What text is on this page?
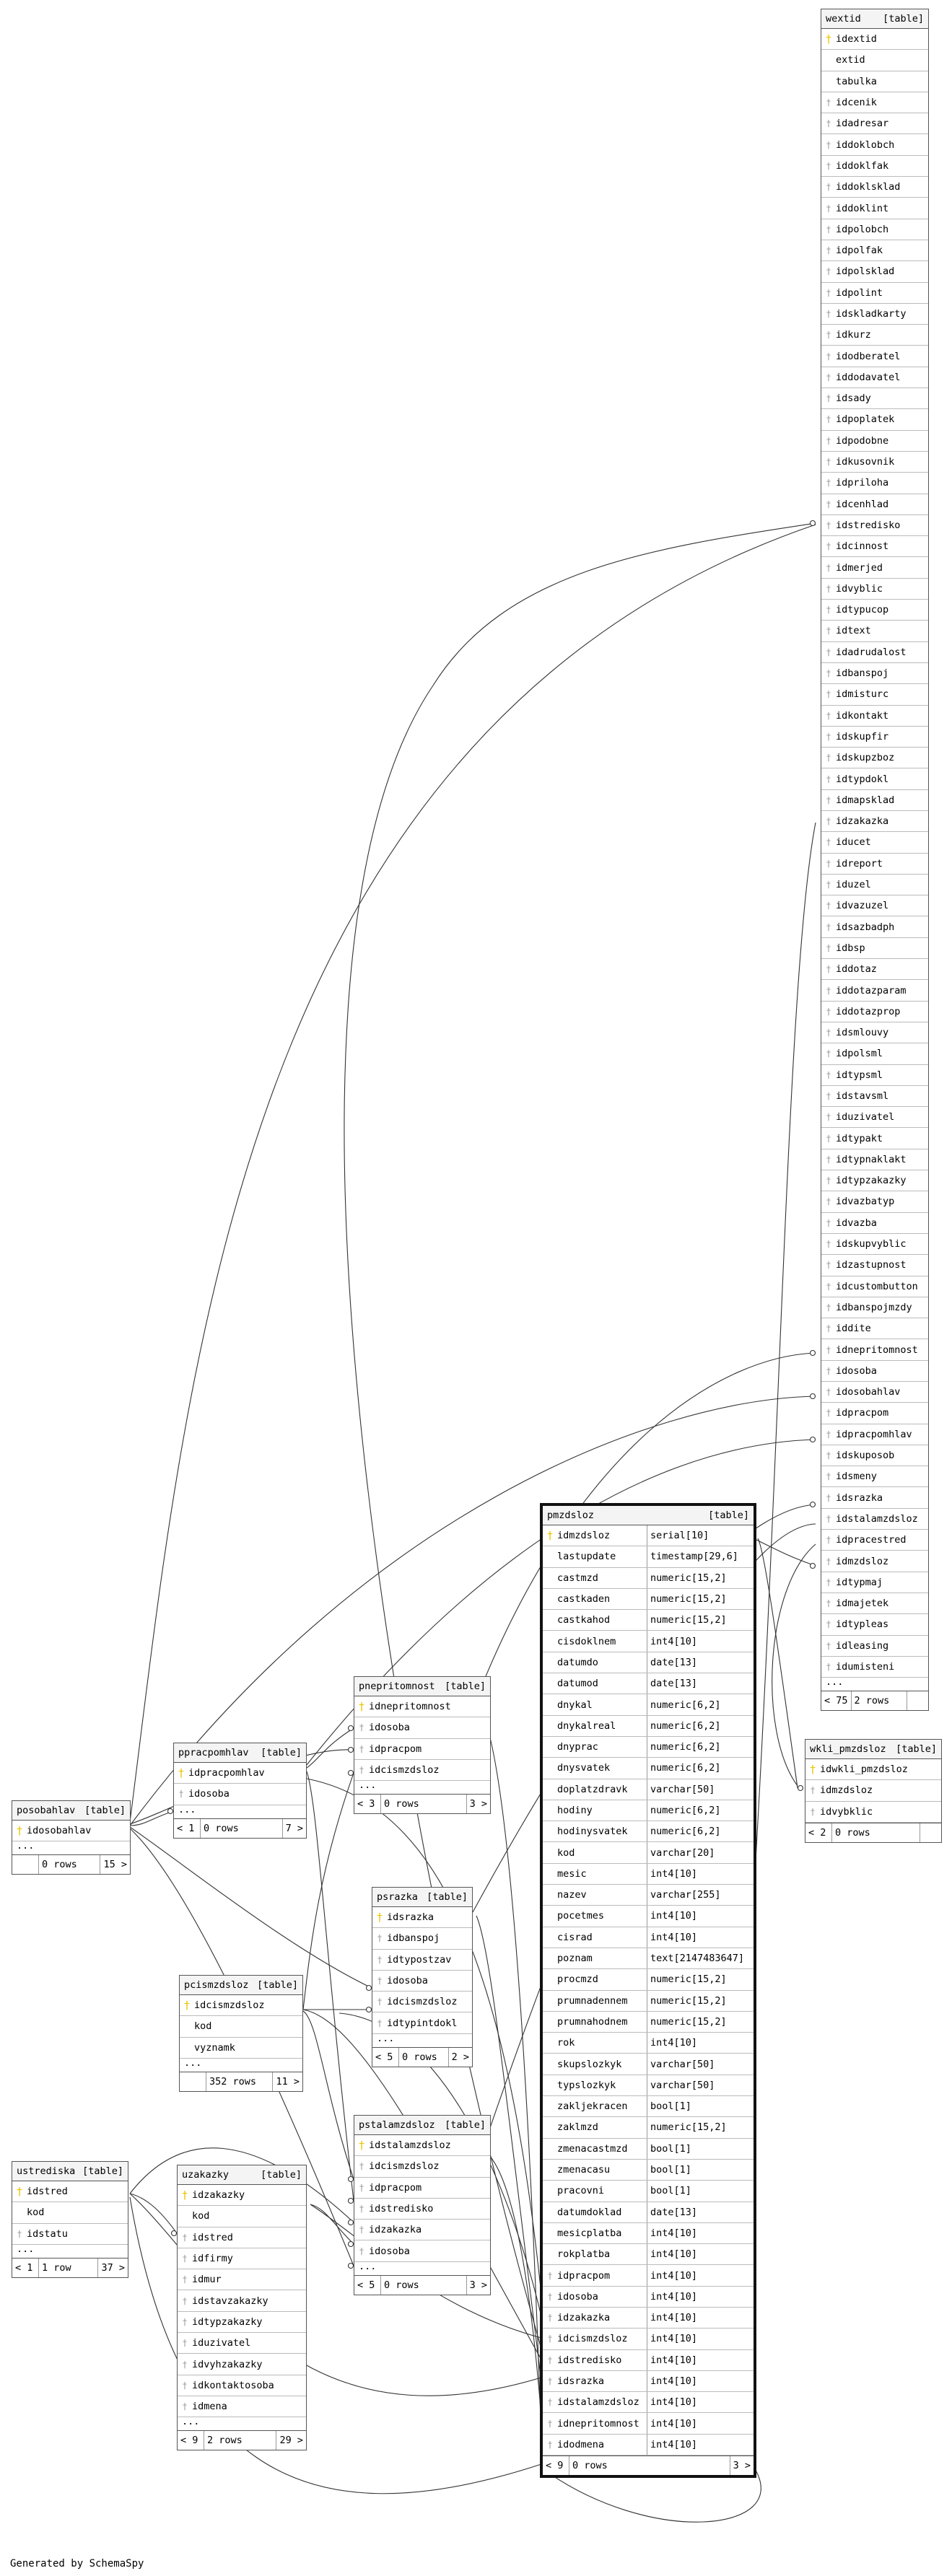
wextid [table]
† idextid
extid
tabulka
† idcenik
† idadresar
† iddoklobch
† iddoklfak
† iddoklsklad
† iddoklint
† idpolobch
† idpolfak
† idpolsklad
† idpolint
† idskladkarty
† idkurz
† idodberatel
† iddodavatel
† idsady
† idpoplatek
† idpodobne
† idkusovnik
† idpriloha
† idcenhlad
† idstredisko
† idcinnost
† idmerjed
† idvyblic
† idtypucop
† idtext
† idadrudalost
† idbanspoj
† idmisturc
† idkontakt
† idskupfir
† idskupzboz
† idtypdokl
† idmapsklad
† idzakazka
† iducet
† idreport
† iduzel
† idvazuzel
† idsazbadph
† idbsp
† iddotaz
† iddotazparam
† iddotazprop
† idsmlouvy
† idpolsml
† idtypsml
† idstavsml
† iduzivatel
† idtypakt
† idtypnaklakt
† idtypzakazky
† idvazbatyp
† idvazba
† idskupvyblic
† idzastupnost
† idcustombutton
† idbanspojmzdy
† iddite
† idnepritomnost
† idosoba
† idosobahlav
† idpracpom
† idpracpomhlav
† idskuposob
† idsmeny
† idsrazka
† idstalamzdsloz
† idpracestred
† idmzdsloz
† idtypmaj
† idmajetek
† idtypleas
† idleasing
† idumisteni
...
< 75 2 rows
wkli_pmzdsloz [table]
† idwkli_pmzdsloz
† idmzdsloz
† idvybklic
< 2 0 rows
pmzdsloz	[table]
† idmzdsloz	serial[10]
lastupdate	timestamp[29,6]
castmzd	numeric[15,2]
castkaden	numeric[15,2]
castkahod	numeric[15,2]
cisdoklnem	int4[10]
datumdo	date[13]
datumod	date[13]
dnykal	numeric[6,2]
dnykalreal	numeric[6,2]
dnyprac	numeric[6,2]
dnysvatek	numeric[6,2]
doplatzdravk	varchar[50]
hodiny	numeric[6,2]
hodinysvatek	numeric[6,2]
kod	varchar[20]
mesic	int4[10]
nazev	varchar[255]
pocetmes	int4[10]
cisrad	int4[10]
poznam	text[2147483647]
procmzd	numeric[15,2]
prumnadennem	numeric[15,2]
prumnahodnem	numeric[15,2]
rok	int4[10]
skupslozkyk	varchar[50]
typslozkyk	varchar[50]
zakljekracen	bool[1]
zaklmzd	numeric[15,2]
zmenacastmzd	bool[1]
zmenacasu	bool[1]
pracovni	bool[1]
datumdoklad	date[13]
mesicplatba	int4[10]
rokplatba	int4[10]
† idpracpom	int4[10]
† idosoba	int4[10]
† idzakazka	int4[10]
† idcismzdsloz	int4[10]
† idstredisko	int4[10]
† idsrazka	int4[10]
† idstalamzdsloz	int4[10]
† idnepritomnost	int4[10]
† idodmena	int4[10]
< 9 0 rows	3 >
pnepritomnost [table]
† idnepritomnost
† idosoba
† idpracpom
† idcismzdsloz
...
< 3 0 rows	3 >
ppracpomhlav [table]
† idpracpomhlav
† idosoba
...
< 1 0 rows	7 >
posobahlav [table]
† idosobahlav
...
0 rows	15 >
psrazka [table]
† idsrazka
† idbanspoj
† idtypostzav
† idosoba
† idcismzdsloz
† idtypintdokl
...
< 5 0 rows	2 >
pcismzdsloz [table]
† idcismzdsloz
kod
vyznamk
...
352 rows	11 >
pstalamzdsloz [table]
† idstalamzdsloz
† idcismzdsloz
† idpracpom
† idstredisko
† idzakazka
† idosoba
...
< 5 0 rows	3 >
ustrediska [table]
† idstred
kod
† idstatu
...
< 1 1 row	37 >
uzakazky	[table]
† idzakazky
kod
† idstred
† idfirmy
† idmur
† idstavzakazky
† idtypzakazky
† iduzivatel
† idvyhzakazky
† idkontaktosoba
† idmena
...
< 9 2 rows	29 >
Generated by SchemaSpy
